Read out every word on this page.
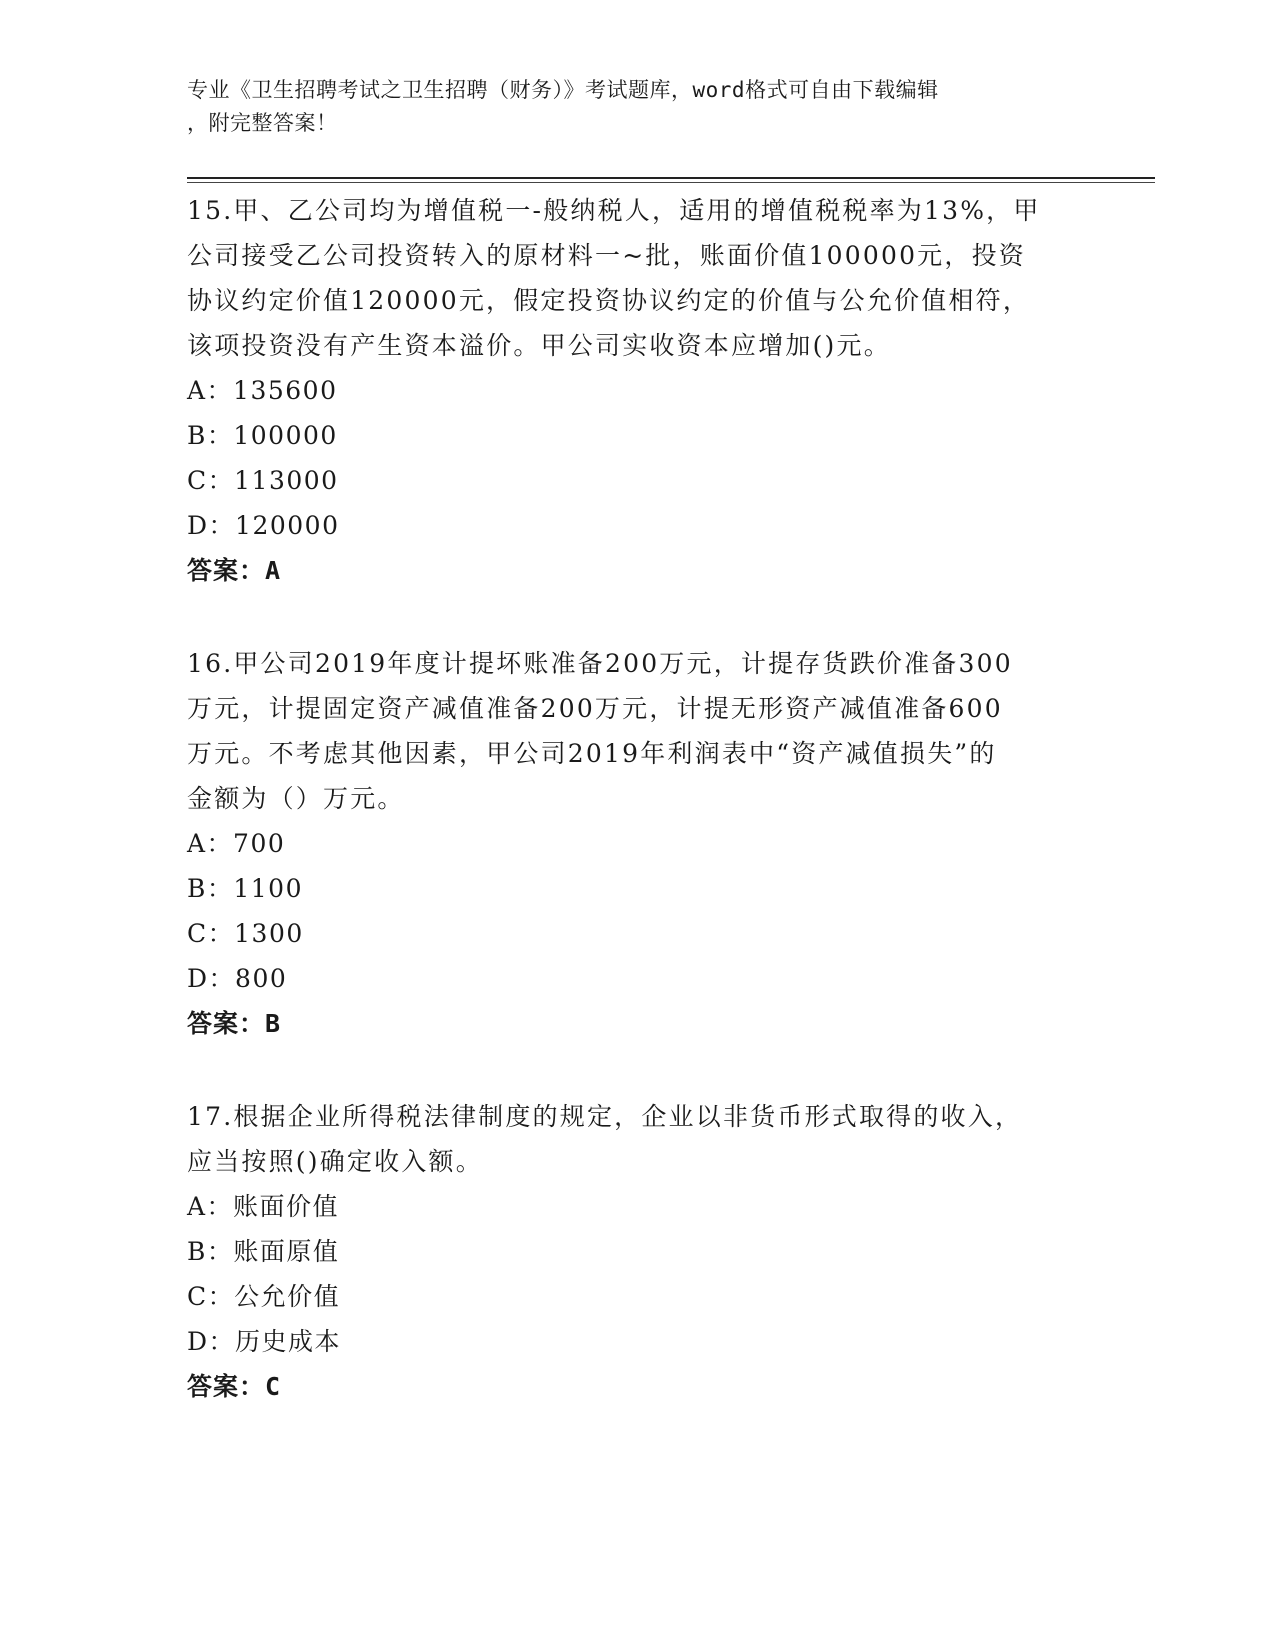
专业《卫生招聘考试之卫生招聘（财务）》考试题库，word格式可自由下载编辑
，附完整答案！
15.甲、乙公司均为增值税一-般纳税人，适用的增值税税率为13%，甲
公司接受乙公司投资转入的原材料一~批，账面价值100000元，投资
协议约定价值120000元，假定投资协议约定的价值与公允价值相符，
该项投资没有产生资本溢价。甲公司实收资本应增加()元。
A：135600
B：100000
C：113000
D：120000
答案：A
16.甲公司2019年度计提坏账准备200万元，计提存货跌价准备300
万元，计提固定资产减值准备200万元，计提无形资产减值准备600
万元。不考虑其他因素，甲公司2019年利润表中“资产减值损失”的
金额为（）万元。
A：700
B：1100
C：1300
D：800
答案：B
17.根据企业所得税法律制度的规定，企业以非货币形式取得的收入，
应当按照()确定收入额。
A：账面价值
B：账面原值
C：公允价值
D：历史成本
答案：C
